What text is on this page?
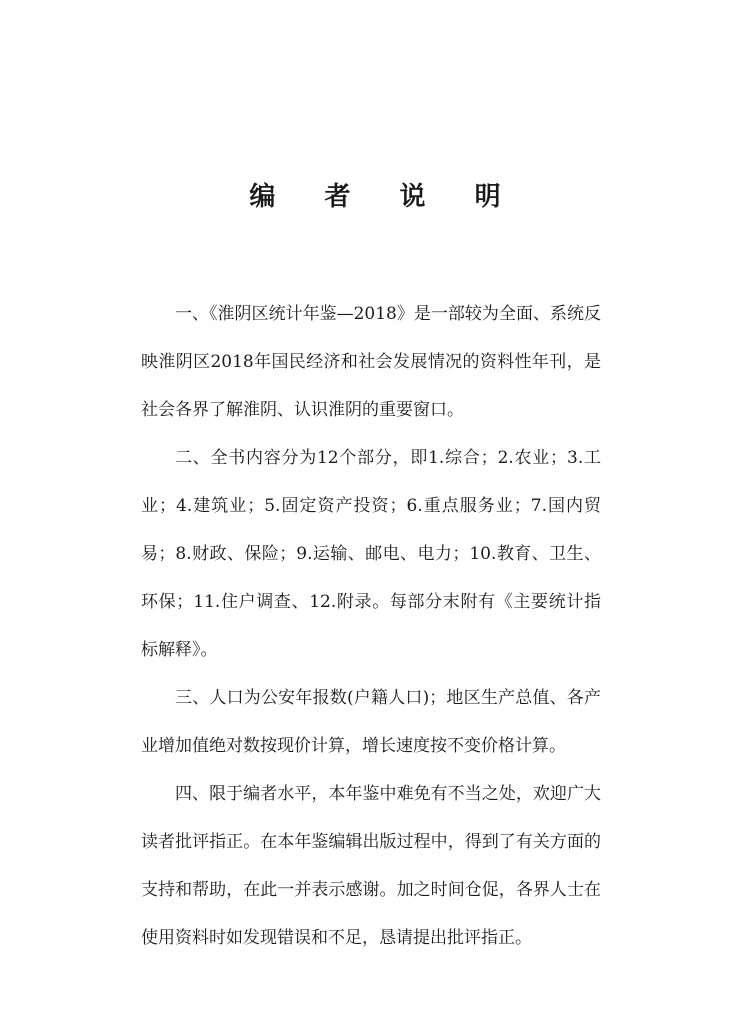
编 者 说 明

一、《淮阴区统计年鉴—2018》是一部较为全面、系统反映淮阴区2018年国民经济和社会发展情况的资料性年刊，是社会各界了解淮阴、认识淮阴的重要窗口。

二、全书内容分为12个部分，即1.综合；2.农业；3.工业；4.建筑业；5.固定资产投资；6.重点服务业；7.国内贸易；8.财政、保险；9.运输、邮电、电力；10.教育、卫生、环保；11.住户调查、12.附录。每部分末附有《主要统计指标解释》。

三、人口为公安年报数(户籍人口)；地区生产总值、各产业增加值绝对数按现价计算，增长速度按不变价格计算。

四、限于编者水平，本年鉴中难免有不当之处，欢迎广大读者批评指正。在本年鉴编辑出版过程中，得到了有关方面的支持和帮助，在此一并表示感谢。加之时间仓促，各界人士在使用资料时如发现错误和不足，恳请提出批评指正。
